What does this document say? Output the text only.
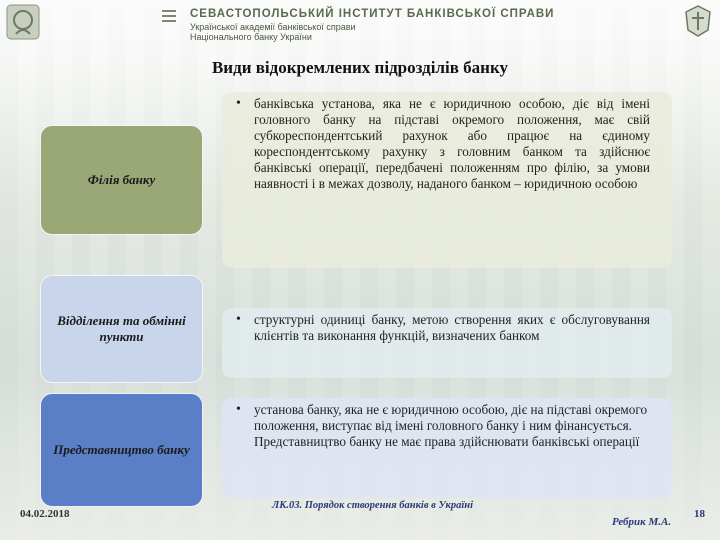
СЕВАСТОПОЛЬСЬКИЙ ІНСТИТУТ БАНКІВСЬКОЇ СПРАВИ
Української академії банківської справи
Національного банку України
Види відокремлених підрозділів банку
Філія банку
Відділення та обмінні пункти
Представництво банку
• банківська установа, яка не є юридичною особою, діє від імені головного банку на підставі окремого положення, має свій субкореспондентський рахунок або працює на єдиному кореспондентському рахунку з головним банком та здійснює банківські операції, передбачені положенням про філію, за умови наявності і в межах дозволу, наданого банком – юридичною особою
• структурні одиниці банку, метою створення яких є обслуговування клієнтів та виконання функцій, визначених банком
• установа банку, яка не є юридичною особою, діє на підставі окремого положення, виступає від імені головного банку і ним фінансується. Представництво банку не має права здійснювати банківські операції
04.02.2018
ЛК.03. Порядок створення банків в Україні
Ребрик М.А.
18
